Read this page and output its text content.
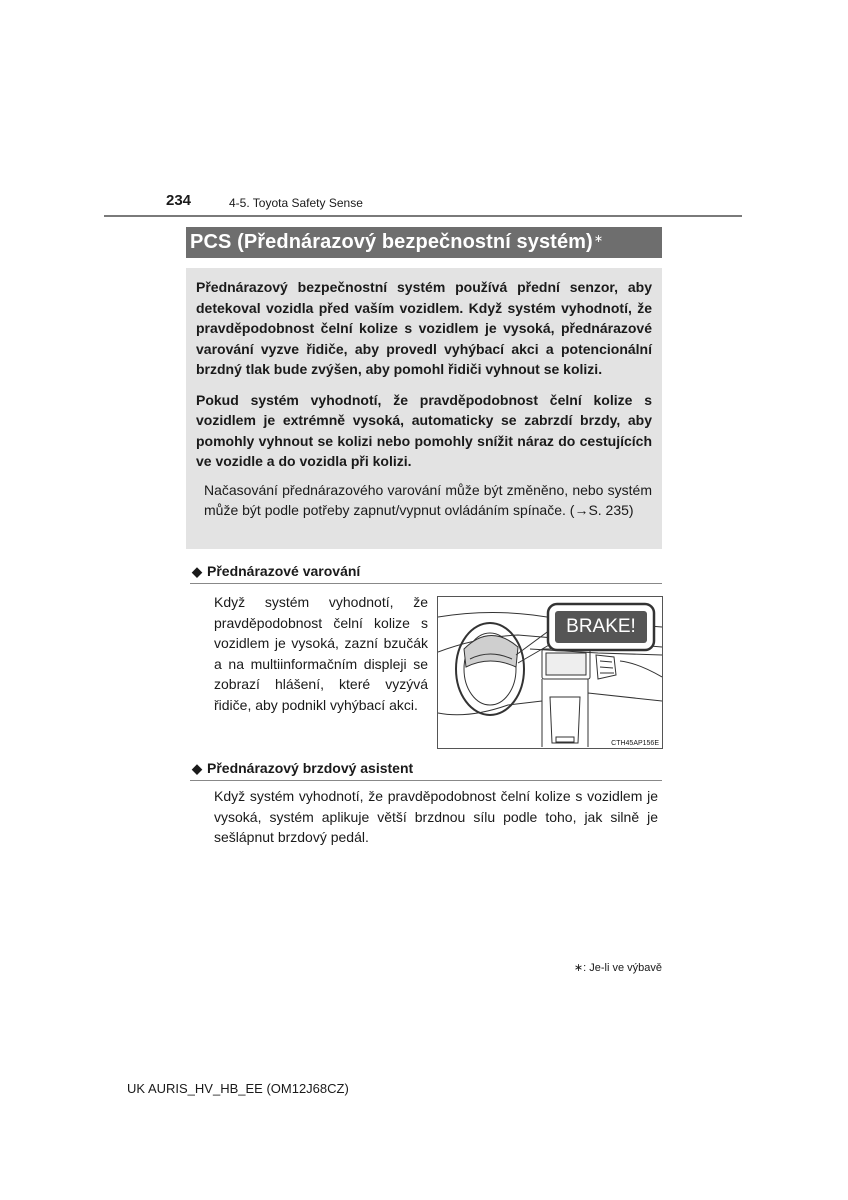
234	4-5. Toyota Safety Sense
PCS (Přednárazový bezpečnostní systém)∗

Přednárazový bezpečnostní systém používá přední senzor, aby detekoval vozidla před vaším vozidlem. Když systém vyhodnotí, že pravděpodobnost čelní kolize s vozidlem je vysoká, přednárazové varování vyzve řidiče, aby provedl vyhýbací akci a potencionální brzdný tlak bude zvýšen, aby pomohl řidiči vyhnout se kolizi.

Pokud systém vyhodnotí, že pravděpodobnost čelní kolize s vozidlem je extrémně vysoká, automaticky se zabrzdí brzdy, aby pomohly vyhnout se kolizi nebo pomohly snížit náraz do cestujících ve vozidle a do vozidla při kolizi.

Načasování přednárazového varování může být změněno, nebo systém může být podle potřeby zapnut/vypnut ovládáním spínače. (→S. 235)

◆ Přednárazové varování

Když systém vyhodnotí, že pravděpodobnost čelní kolize s vozidlem je vysoká, zazní bzučák a na multiinformačním displeji se zobrazí hlášení, které vyzývá řidiče, aby podnikl vyhýbací akci.

BRAKE!
CTH45AP156E
◆ Přednárazový brzdový asistent

Když systém vyhodnotí, že pravděpodobnost čelní kolize s vozidlem je vysoká, systém aplikuje větší brzdnou sílu podle toho, jak silně je sešlápnut brzdový pedál.

∗: Je-li ve výbavě
UK AURIS_HV_HB_EE (OM12J68CZ)
